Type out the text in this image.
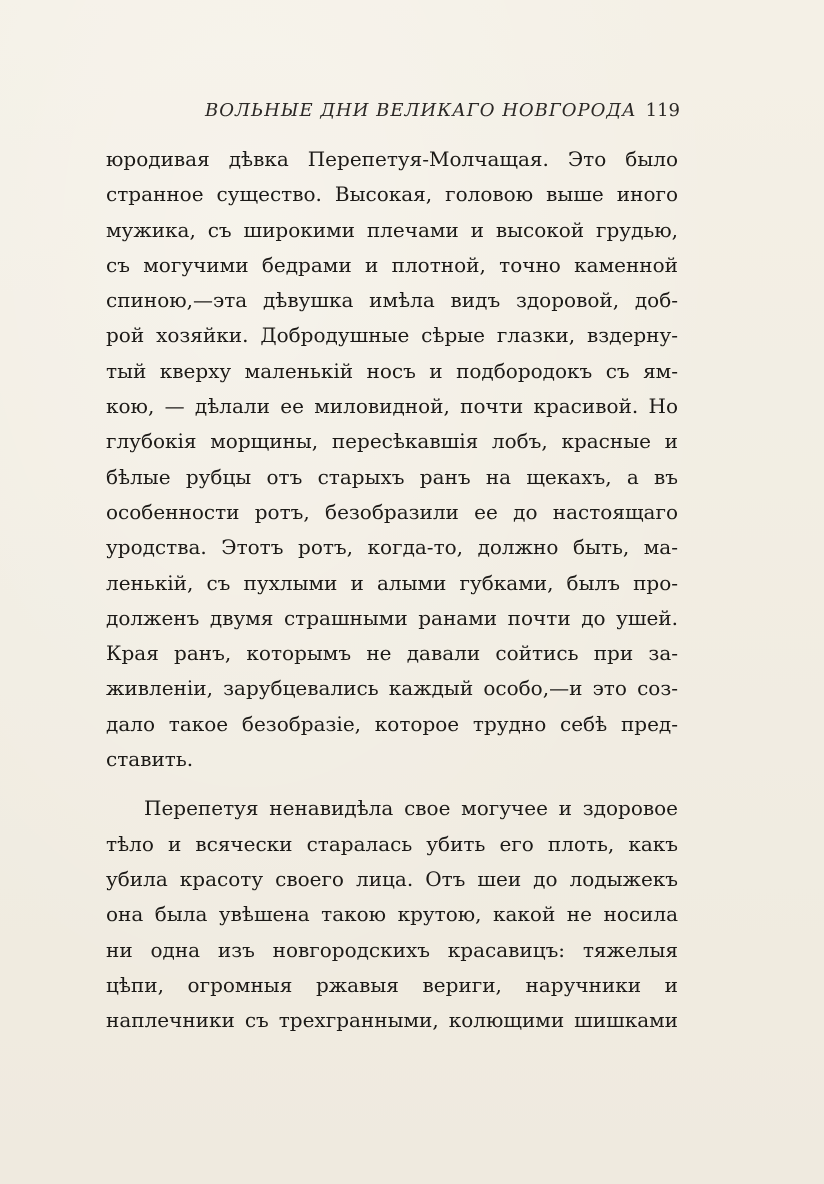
ВОЛЬНЫЕ ДНИ ВЕЛИКАГО НОВГОРОДА 119
юродивая дѣвка Перепетуя-Молчащая. Это было
странное существо. Высокая, головою выше иного
мужика, съ широкими плечами и высокой грудью,
съ могучими бедрами и плотной, точно каменной
спиною,—эта дѣвушка имѣла видъ здоровой, доб-
рой хозяйки. Добродушные сѣрые глазки, вздерну-
тый кверху маленькій носъ и подбородокъ съ ям-
кою, — дѣлали ее миловидной, почти красивой. Но
глубокія морщины, пересѣкавшія лобъ, красные и
бѣлые рубцы отъ старыхъ ранъ на щекахъ, а въ
особенности ротъ, безобразили ее до настоящаго
уродства. Этотъ ротъ, когда-то, должно быть, ма-
ленькій, съ пухлыми и алыми губками, былъ про-
долженъ двумя страшными ранами почти до ушей.
Края ранъ, которымъ не давали сойтись при за-
живленіи, зарубцевались каждый особо,—и это соз-
дало такое безобразіе, которое трудно себѣ пред-
ставить.
Перепетуя ненавидѣла свое могучее и здоровое
тѣло и всячески старалась убить его плоть, какъ
убила красоту своего лица. Отъ шеи до лодыжекъ
она была увѣшена такою крутою, какой не носила
ни одна изъ новгородскихъ красавицъ: тяжелыя
цѣпи, огромныя ржавыя вериги, наручники и
наплечники съ трехгранными, колющими шишками
